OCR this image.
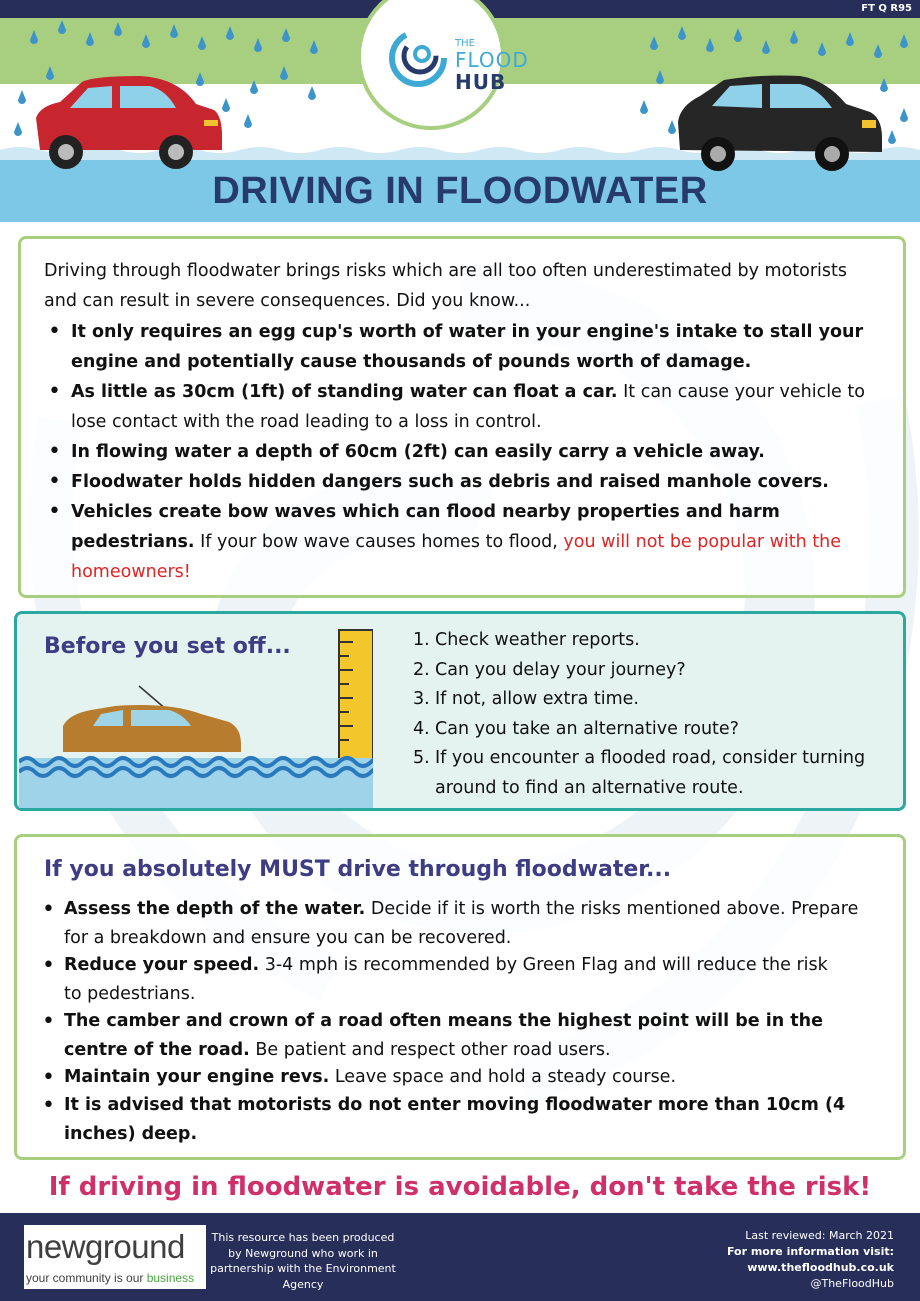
FT Q R95
THE
FLOOD
HUB
DRIVING IN FLOODWATER
Driving through floodwater brings risks which are all too often underestimated by motorists and can result in severe consequences. Did you know...
• It only requires an egg cup's worth of water in your engine's intake to stall your engine and potentially cause thousands of pounds worth of damage.
• As little as 30cm (1ft) of standing water can float a car. It can cause your vehicle to lose contact with the road leading to a loss in control.
• In flowing water a depth of 60cm (2ft) can easily carry a vehicle away.
• Floodwater holds hidden dangers such as debris and raised manhole covers.
• Vehicles create bow waves which can flood nearby properties and harm pedestrians. If your bow wave causes homes to flood, you will not be popular with the homeowners!
Before you set off...	1. Check weather reports.
2. Can you delay your journey?
3. If not, allow extra time.
4. Can you take an alternative route?
5. If you encounter a flooded road, consider turning around to find an alternative route.
If you absolutely MUST drive through floodwater...
• Assess the depth of the water. Decide if it is worth the risks mentioned above. Prepare for a breakdown and ensure you can be recovered.
• Reduce your speed. 3-4 mph is recommended by Green Flag and will reduce the risk to pedestrians.
• The camber and crown of a road often means the highest point will be in the centre of the road. Be patient and respect other road users.
• Maintain your engine revs. Leave space and hold a steady course.
• It is advised that motorists do not enter moving floodwater more than 10cm (4 inches) deep.
If driving in floodwater is avoidable, don't take the risk!
newground
your community is our business
This resource has been produced by Newground who work in partnership with the Environment Agency
Last reviewed: March 2021
For more information visit:
www.thefloodhub.co.uk
@TheFloodHub
